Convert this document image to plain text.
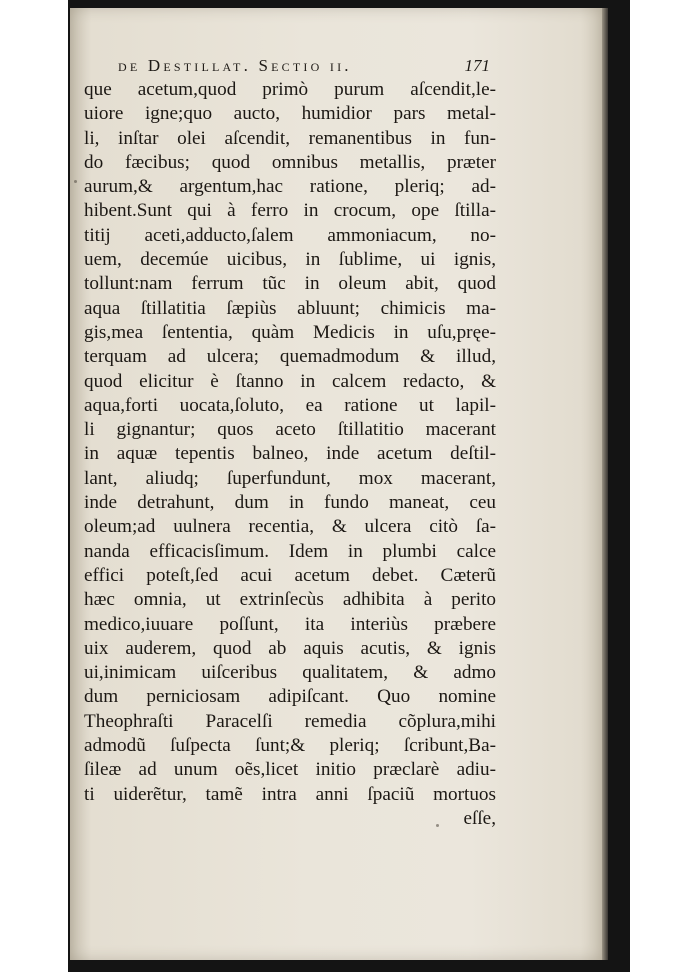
de Destillat. Sectio ii.	171
que acetum,quod primò purum aſcendit,le-
uiore igne;quo aucto, humidior pars metal-
li, inſtar olei aſcendit, remanentibus in fun-
do fæcibus; quod omnibus metallis, præter
aurum,& argentum,hac ratione, pleriq; ad-
hibent.Sunt qui à ferro in crocum, ope ſtilla-
titij aceti,adducto,ſalem ammoniacum, no-
uem, decemúe uicibus, in ſublime, ui ignis,
tollunt:nam ferrum tũc in oleum abit, quod
aqua ſtillatitia ſæpiùs abluunt; chimicis ma-
gis,mea ſententia, quàm Medicis in uſu,pręe-
terquam ad ulcera; quemadmodum & illud,
quod elicitur è ſtanno in calcem redacto, &
aqua,forti uocata,ſoluto, ea ratione ut lapil-
li gignantur; quos aceto ſtillatitio macerant
in aquæ tepentis balneo, inde acetum deſtil-
lant, aliudq; ſuperfundunt, mox macerant,
inde detrahunt, dum in fundo maneat, ceu
oleum;ad uulnera recentia, & ulcera citò ſa-
nanda efficacisſimum. Idem in plumbi calce
effici poteſt,ſed acui acetum debet. Cæterũ
hæc omnia, ut extrinſecùs adhibita à perito
medico,iuuare poſſunt, ita interiùs præbere
uix auderem, quod ab aquis acutis, & ignis
ui,inimicam uiſceribus qualitatem, & admo
dum perniciosam adipiſcant. Quo nomine
Theophraſti Paracelſi remedia cõplura,mihi
admodũ ſuſpecta ſunt;& pleriq; ſcribunt,Ba-
ſileæ ad unum oẽs,licet initio præclarè adiu-
ti uiderẽtur, tamẽ intra anni ſpaciũ mortuos
eſſe,
